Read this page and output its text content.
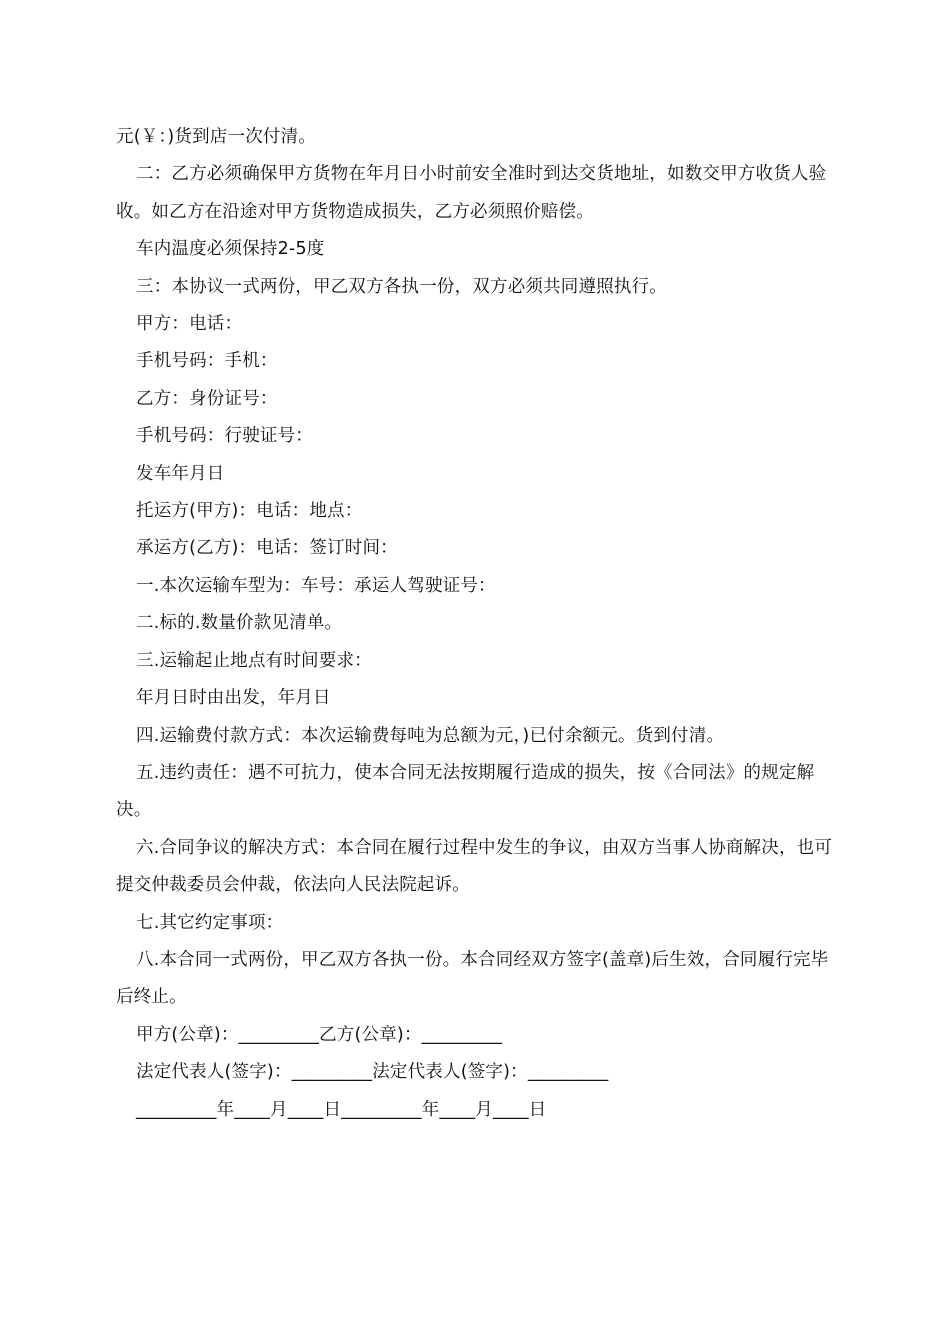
元(￥：)货到店一次付清。

二：乙方必须确保甲方货物在年月日小时前安全准时到达交货地址，如数交甲方收货人验收。如乙方在沿途对甲方货物造成损失，乙方必须照价赔偿。

车内温度必须保持2-5度

三：本协议一式两份，甲乙双方各执一份，双方必须共同遵照执行。

甲方：电话：

手机号码：手机：

乙方：身份证号：

手机号码：行驶证号：

发车年月日

托运方(甲方)：电话：地点：

承运方(乙方)：电话：签订时间：

一.本次运输车型为：车号：承运人驾驶证号：

二.标的.数量价款见清单。

三.运输起止地点有时间要求：

年月日时由出发，年月日

四.运输费付款方式：本次运输费每吨为总额为元，)已付余额元。货到付清。

五.违约责任：遇不可抗力，使本合同无法按期履行造成的损失，按《合同法》的规定解决。

六.合同争议的解决方式：本合同在履行过程中发生的争议，由双方当事人协商解决，也可提交仲裁委员会仲裁，依法向人民法院起诉。

七.其它约定事项：

八.本合同一式两份，甲乙双方各执一份。本合同经双方签字(盖章)后生效，合同履行完毕后终止。

甲方(公章)：_________乙方(公章)：_________

法定代表人(签字)：_________法定代表人(签字)：_________

_________年____月____日_________年____月____日
